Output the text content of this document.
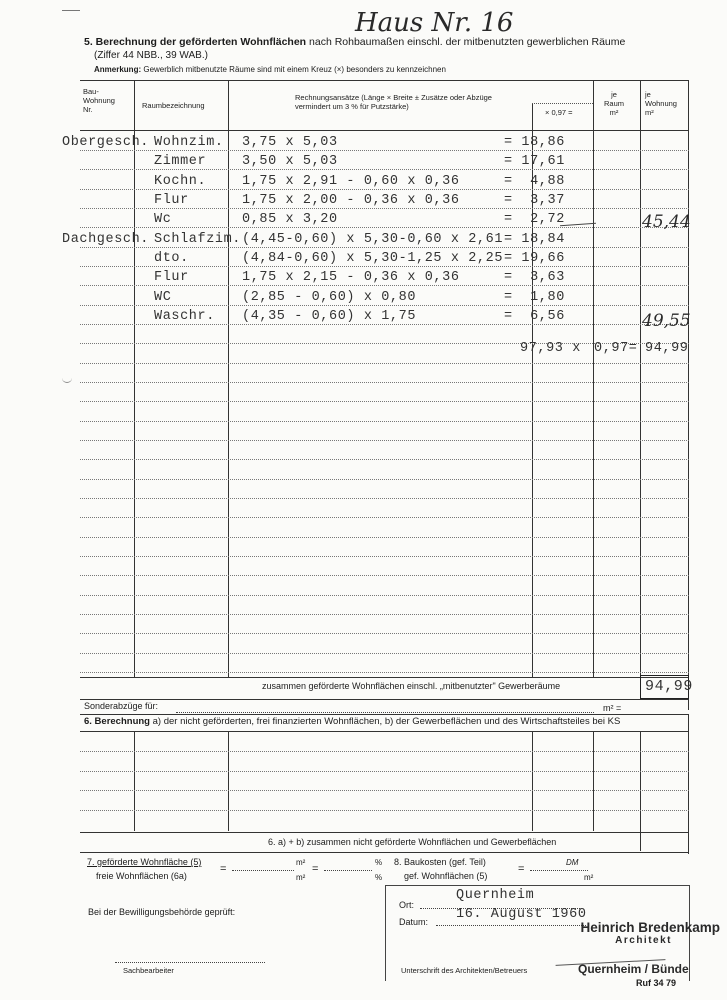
Haus Nr. 16
5. Berechnung der geförderten Wohnflächen nach Rohbaumaßen einschl. der mitbenutzten gewerblichen Räume
(Ziffer 44 NBB., 39 WAB.)
Anmerkung: Gewerblich mitbenutzte Räume sind mit einem Kreuz (×) besonders zu kennzeichnen
Bau-
Wohnung
Nr.	Raumbezeichnung
Rechnungsansätze (Länge × Breite ± Zusätze oder Abzüge
vermindert um 3 % für Putzstärke)
× 0,97 =
je
Raum
m²
je
Wohnung
m²
Obergesch. Wohnzim. 3,75 x 5,03	= 18,86
Zimmer	3,50 x 5,03	= 17,61
Kochn.	1,75 x 2,91 - 0,60 x 0,36	=  4,88
Flur	1,75 x 2,00 - 0,36 x 0,36	=  3,37
Wc	0,85 x 3,20	=  2,72
Dachgesch. Schlafzim. (4,45-0,60) x 5,30-0,60 x 2,61 = 18,84
dto.	(4,84-0,60) x 5,30-1,25 x 2,25 = 19,66
Flur	1,75 x 2,15 - 0,36 x 0,36	=  3,63
WC	(2,85 - 0,60) x 0,80	=  1,80
Waschr. (4,35 - 0,60) x 1,75	=  6,56
45,44
49,55
97,93 x 0,97= 94,99
zusammen geförderte Wohnflächen einschl. „mitbenutzter" Gewerberäume	94,99
Sonderabzüge für:	m² =
6. Berechnung a) der nicht geförderten, frei finanzierten Wohnflächen, b) der Gewerbeflächen und des Wirtschaftsteiles bei KS
6. a) + b) zusammen nicht geförderte Wohnflächen und Gewerbeflächen
7. geförderte Wohnfläche (5)
freie Wohnflächen (6a)
=
m²
m²
=
%
%
8. Baukosten (gef. Teil)
gef. Wohnflächen (5)
=
DM
m²
Bei der Bewilligungsbehörde geprüft:
Ort:
Quernheim
Datum: 16. August 1960
Heinrich Bredenkamp
Architekt
Quernheim / Bünde
Ruf 34 79
Sachbearbeiter	Unterschrift des Architekten/Betreuers
